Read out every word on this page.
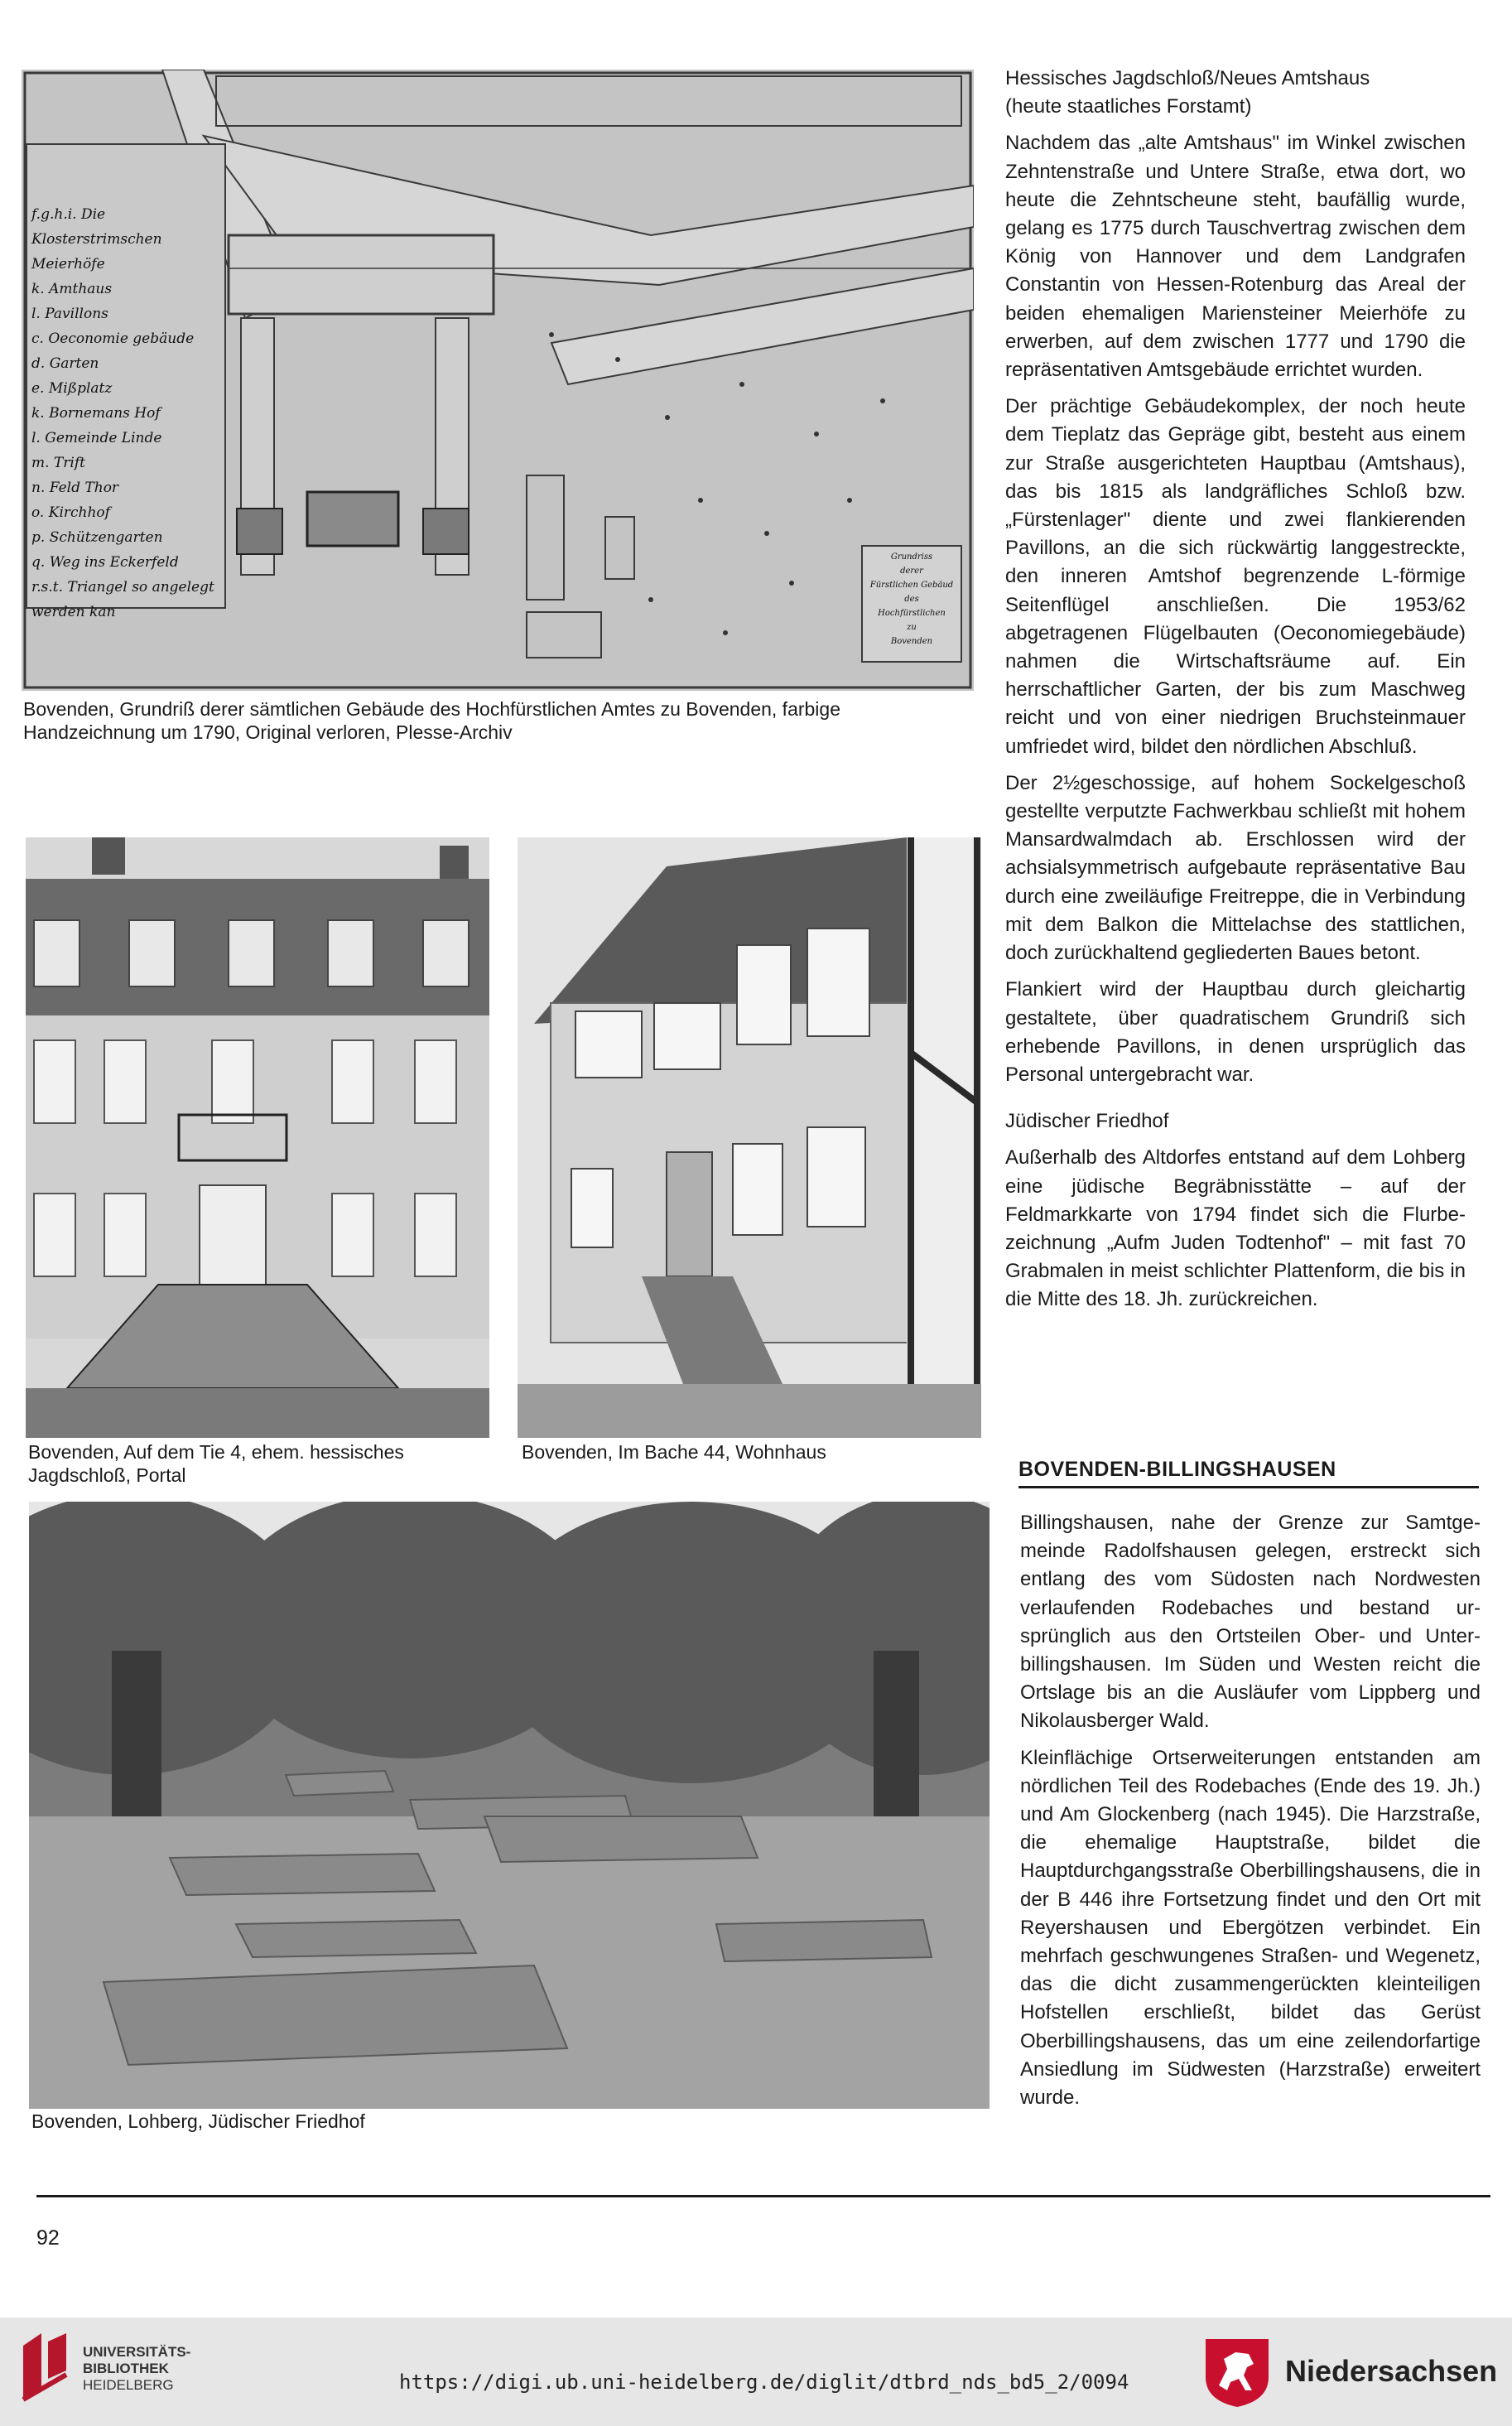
f.g.h.i. Die Klosterstrimschen Meierhöfe
k. Amthaus
l. Pavillons
c. Oeconomie gebäude
d. Garten
e. Mißplatz
k. Bornemans Hof
l. Gemeinde Linde
m. Trift
n. Feld Thor
o. Kirchhof
p. Schützengarten
q. Weg ins Eckerfeld
r.s.t. Triangel so angelegt werden kan
Grundriss
derer
Fürstlichen Gebäud
des
Hochfürstlichen
zu
Bovenden
Bovenden, Grundriß derer sämtlichen Gebäude des Hochfürstlichen Amtes zu Bovenden, farbige Handzeichnung um 1790, Original verloren, Plesse-Archiv
Bovenden, Auf dem Tie 4, ehem. hessisches Jagdschloß, Portal
Bovenden, Im Bache 44, Wohnhaus
Bovenden, Lohberg, Jüdischer Friedhof
Hessisches Jagdschloß/Neues Amtshaus
(heute staatliches Forstamt)

Nachdem das „alte Amtshaus" im Winkel zwischen Zehntenstraße und Untere Straße, etwa dort, wo heute die Zehntscheune steht, baufällig wurde, gelang es 1775 durch Tauschvertrag zwischen dem König von Hannover und dem Landgrafen Constantin von Hessen-Rotenburg das Areal der beiden ehemaligen Mariensteiner Meierhöfe zu erwerben, auf dem zwischen 1777 und 1790 die repräsentativen Amtsgebäude errichtet wurden.

Der prächtige Gebäudekomplex, der noch heute dem Tieplatz das Gepräge gibt, besteht aus einem zur Straße ausgerichteten Hauptbau (Amtshaus), das bis 1815 als landgräfliches Schloß bzw. „Fürstenlager" diente und zwei flankierenden Pavillons, an die sich rückwärtig langgestreckte, den inneren Amtshof begrenzende L-förmige Seitenflügel anschließen. Die 1953/62 abgetragenen Flügelbauten (Oeconomiegebäude) nahmen die Wirtschaftsräume auf. Ein herrschaftlicher Garten, der bis zum Maschweg reicht und von einer niedrigen Bruchsteinmauer umfriedet wird, bildet den nördlichen Abschluß.

Der 2½geschossige, auf hohem Sockelgeschoß gestellte verputzte Fachwerkbau schließt mit hohem Mansardwalmdach ab. Erschlossen wird der achsialsymmetrisch aufgebaute repräsentative Bau durch eine zweiläufige Freitreppe, die in Verbindung mit dem Balkon die Mittelachse des stattlichen, doch zurückhaltend gegliederten Baues betont.

Flankiert wird der Hauptbau durch gleichartig gestaltete, über quadratischem Grundriß sich erhebende Pavillons, in denen ursprüglich das Personal untergebracht war.

Jüdischer Friedhof

Außerhalb des Altdorfes entstand auf dem Lohberg eine jüdische Begräbnisstätte – auf der Feldmarkkarte von 1794 findet sich die Flurbezeichnung „Aufm Juden Todtenhof" – mit fast 70 Grabmalen in meist schlichter Plattenform, die bis in die Mitte des 18. Jh. zurückreichen.

BOVENDEN-BILLINGSHAUSEN

Billingshausen, nahe der Grenze zur Samtgemeinde Radolfshausen gelegen, erstreckt sich entlang des vom Südosten nach Nordwesten verlaufenden Rodebaches und bestand ursprünglich aus den Ortsteilen Ober- und Unterbillingshausen. Im Süden und Westen reicht die Ortslage bis an die Ausläufer vom Lippberg und Nikolausberger Wald.

Kleinflächige Ortserweiterungen entstanden am nördlichen Teil des Rodebaches (Ende des 19. Jh.) und Am Glockenberg (nach 1945). Die Harzstraße, die ehemalige Hauptstraße, bildet die Hauptdurchgangsstraße Oberbillingshausens, die in der B 446 ihre Fortsetzung findet und den Ort mit Reyershausen und Ebergötzen verbindet. Ein mehrfach geschwungenes Straßen- und Wegenetz, das die dicht zusammengerückten kleinteiligen Hofstellen erschließt, bildet das Gerüst Oberbillingshausens, das um eine zeilendorfartige Ansiedlung im Südwesten (Harzstraße) erweitert wurde.

92
UNIVERSITÄTS-
BIBLIOTHEK
HEIDELBERG	https://digi.ub.uni-heidelberg.de/diglit/dtbrd_nds_bd5_2/0094	Niedersachsen
